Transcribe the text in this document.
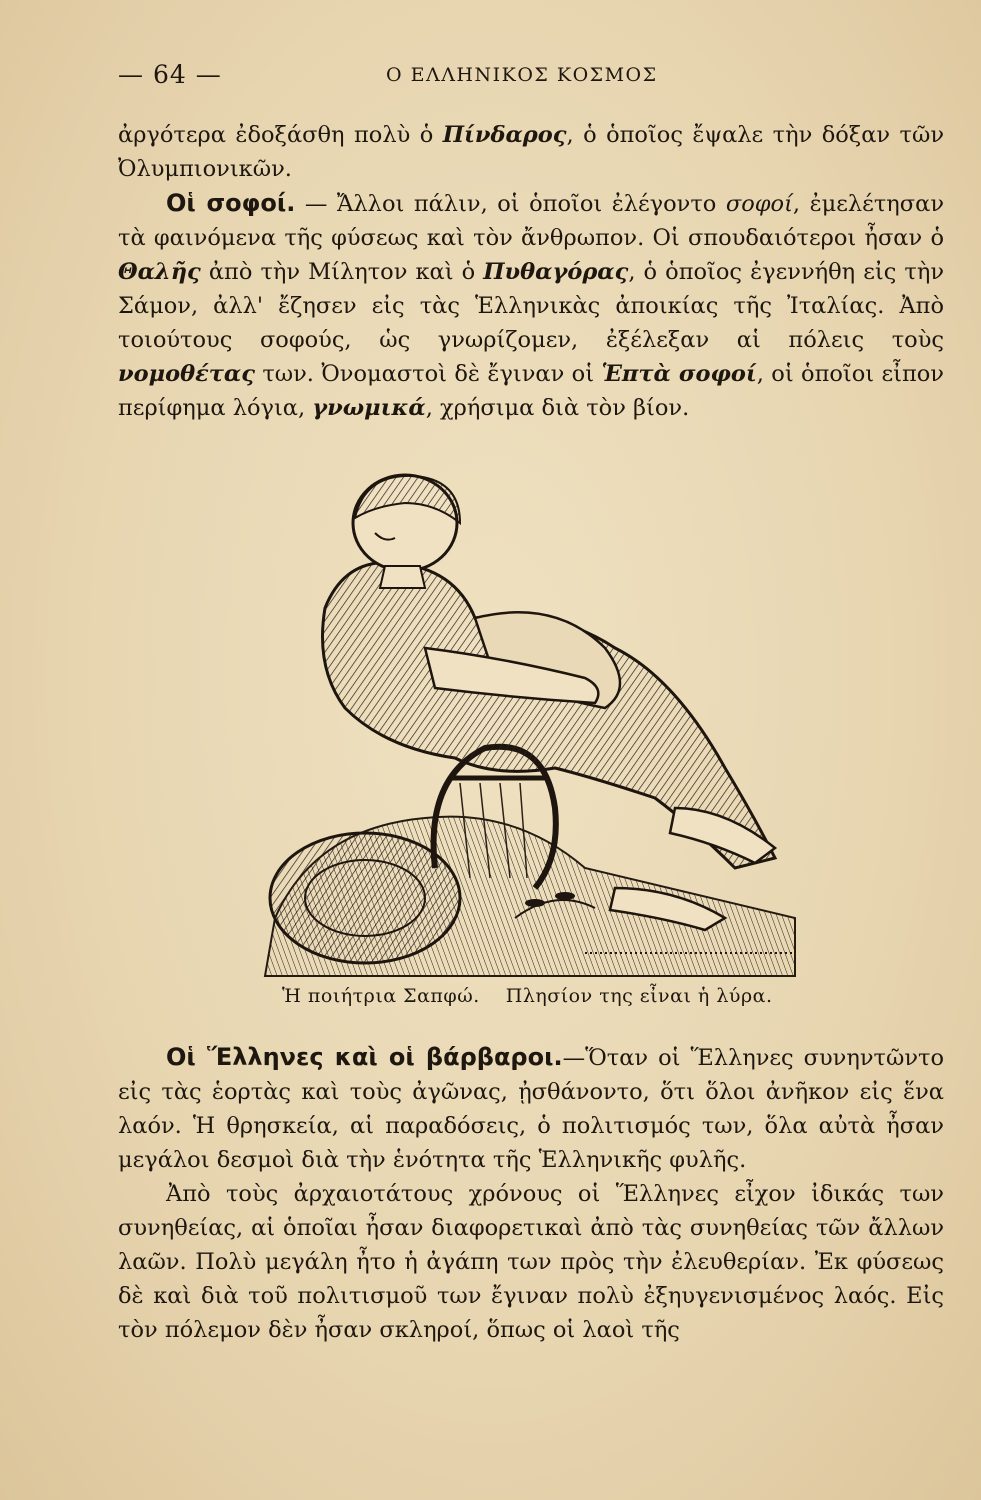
— 64 —	Ο ΕΛΛΗΝΙΚΟΣ ΚΟΣΜΟΣ

ἀργότερα ἐδοξάσθη πολὺ ὁ Πίνδαρος, ὁ ὁποῖος ἔψαλε τὴν δόξαν τῶν Ὀλυμπιονικῶν.

Οἱ σοφοί. — Ἄλλοι πάλιν, οἱ ὁποῖοι ἐλέγοντο σοφοί, ἐμελέτησαν τὰ φαινόμενα τῆς φύσεως καὶ τὸν ἄνθρωπον. Οἱ σπουδαιότεροι ἦσαν ὁ Θαλῆς ἀπὸ τὴν Μίλητον καὶ ὁ Πυθαγόρας, ὁ ὁποῖος ἐγεννήθη εἰς τὴν Σάμον, ἀλλ' ἔζησεν εἰς τὰς Ἑλληνικὰς ἀποικίας τῆς Ἰταλίας. Ἀπὸ τοιούτους σοφούς, ὡς γνωρίζομεν, ἐξέλεξαν αἱ πόλεις τοὺς νομοθέτας των. Ὀνομαστοὶ δὲ ἔγιναν οἱ Ἑπτὰ σοφοί, οἱ ὁποῖοι εἶπον περίφημα λόγια, γνωμικά, χρήσιμα διὰ τὸν βίον.

Ἡ ποιήτρια Σαπφώ. Πλησίον της εἶναι ἡ λύρα.

Οἱ Ἕλληνες καὶ οἱ βάρβαροι.—Ὅταν οἱ Ἕλληνες συνηντῶντο εἰς τὰς ἑορτὰς καὶ τοὺς ἀγῶνας, ᾐσθάνοντο, ὅτι ὅλοι ἀνῆκον εἰς ἕνα λαόν. Ἡ θρησκεία, αἱ παραδόσεις, ὁ πολιτισμός των, ὅλα αὐτὰ ἦσαν μεγάλοι δεσμοὶ διὰ τὴν ἑνότητα τῆς Ἑλληνικῆς φυλῆς.

Ἀπὸ τοὺς ἀρχαιοτάτους χρόνους οἱ Ἕλληνες εἶχον ἰδικάς των συνηθείας, αἱ ὁποῖαι ἦσαν διαφορετικαὶ ἀπὸ τὰς συνηθείας τῶν ἄλλων λαῶν. Πολὺ μεγάλη ἦτο ἡ ἀγάπη των πρὸς τὴν ἐλευθερίαν. Ἐκ φύσεως δὲ καὶ διὰ τοῦ πολιτισμοῦ των ἔγιναν πολὺ ἐξηυγενισμένος λαός. Εἰς τὸν πόλεμον δὲν ἦσαν σκληροί, ὅπως οἱ λαοὶ τῆς
